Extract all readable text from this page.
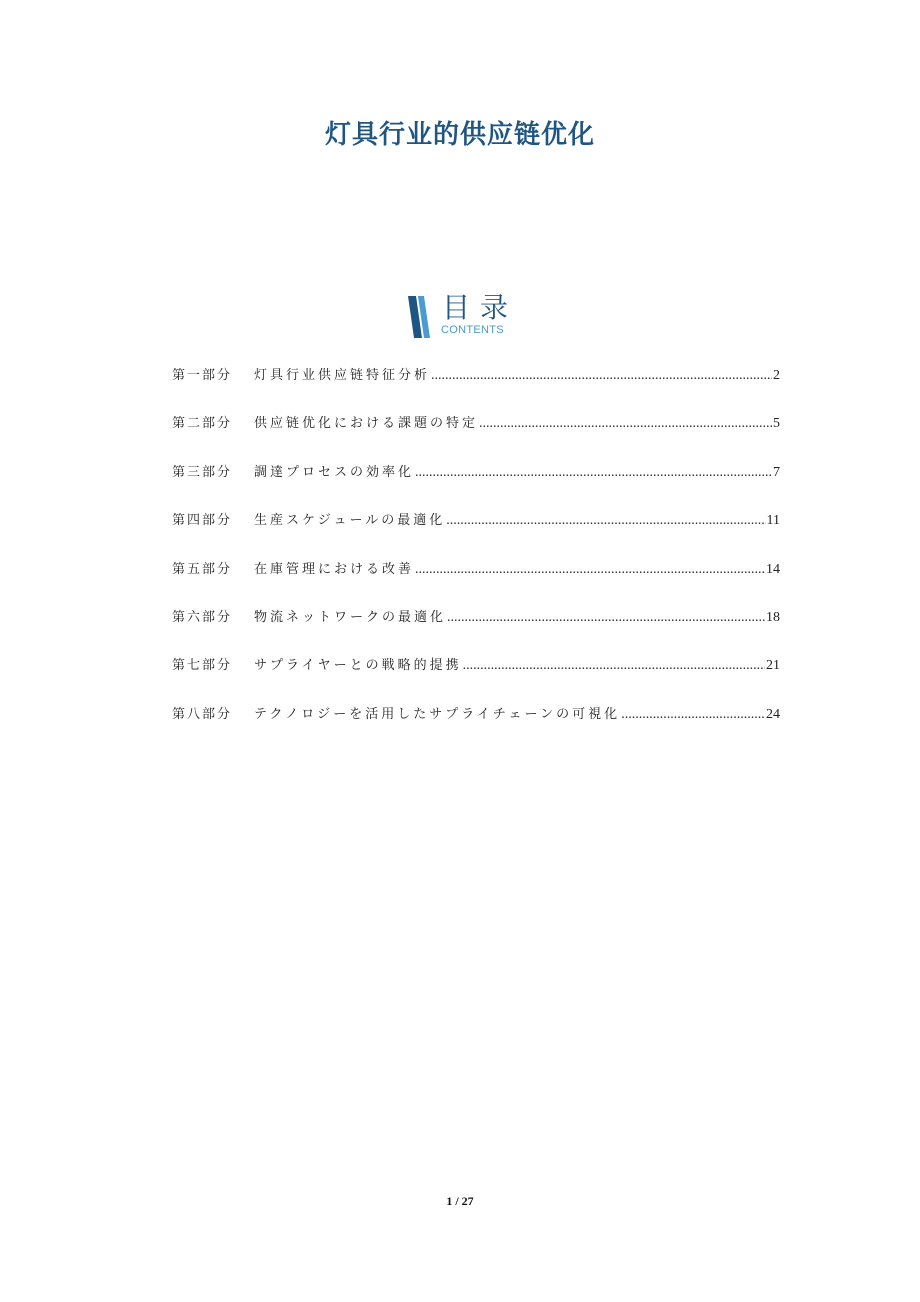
灯具行业的供应链优化
目录
CONTENTS
第一部分	灯具行业供应链特征分析 .....	2
第二部分	供应链优化における課題の特定 .....	5
第三部分	調達プロセスの効率化 .....	7
第四部分	生産スケジュールの最適化 .....	11
第五部分	在庫管理における改善 .....	14
第六部分	物流ネットワークの最適化 .....	18
第七部分	サプライヤーとの戦略的提携 .....	21
第八部分	テクノロジーを活用したサプライチェーンの可視化 .....	24
1 / 27
